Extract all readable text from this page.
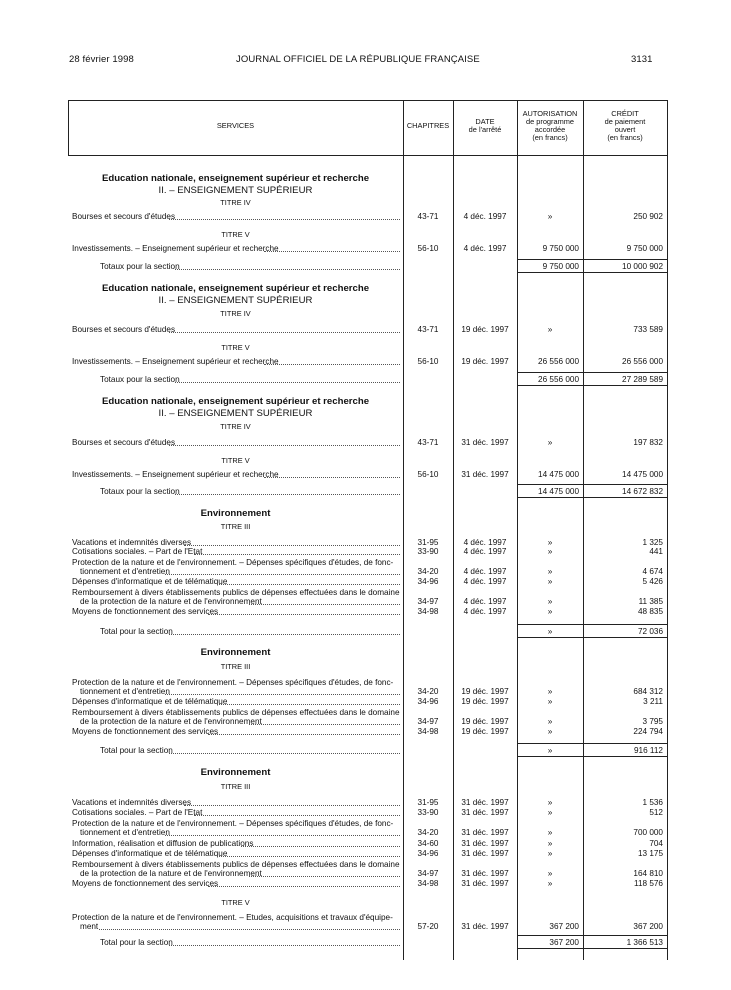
28 février 1998	JOURNAL OFFICIEL DE LA RÉPUBLIQUE FRANÇAISE	3131
SERVICES	CHAPITRES	DATE
de l'arrêté
AUTORISATION
de programme
accordée
(en francs)
CRÉDIT
de paiement
ouvert
(en francs)
Education nationale, enseignement supérieur et recherche
II. – ENSEIGNEMENT SUPÉRIEUR
TITRE IV
Bourses et secours d'études	43-71	4 déc. 1997	»	250 902
TITRE V
Investissements. – Enseignement supérieur et recherche	56-10	4 déc. 1997	9 750 000	9 750 000
Totaux pour la section	9 750 000	10 000 902
Education nationale, enseignement supérieur et recherche
II. – ENSEIGNEMENT SUPÉRIEUR
TITRE IV
Bourses et secours d'études	43-71	19 déc. 1997	»	733 589
TITRE V
Investissements. – Enseignement supérieur et recherche	56-10	19 déc. 1997	26 556 000	26 556 000
Totaux pour la section	26 556 000	27 289 589
Education nationale, enseignement supérieur et recherche
II. – ENSEIGNEMENT SUPÉRIEUR
TITRE IV
Bourses et secours d'études	43-71	31 déc. 1997	»	197 832
TITRE V
Investissements. – Enseignement supérieur et recherche	56-10	31 déc. 1997	14 475 000	14 475 000
Totaux pour la section	14 475 000	14 672 832
Environnement
TITRE III
Vacations et indemnités diverses	31-95	4 déc. 1997	»	1 325
Cotisations sociales. – Part de l'Etat	33-90	4 déc. 1997	»	441
Protection de la nature et de l'environnement. – Dépenses spécifiques d'études, de fonc-
tionnement et d'entretien	34-20	4 déc. 1997	»	4 674
Dépenses d'informatique et de télématique	34-96	4 déc. 1997	»	5 426
Remboursement à divers établissements publics de dépenses effectuées dans le domaine
de la protection de la nature et de l'environnement	34-97	4 déc. 1997	»	11 385
Moyens de fonctionnement des services	34-98	4 déc. 1997	»	48 835
Total pour la section	»	72 036
Environnement
TITRE III
Protection de la nature et de l'environnement. – Dépenses spécifiques d'études, de fonc-
tionnement et d'entretien	34-20	19 déc. 1997	»	684 312
Dépenses d'informatique et de télématique	34-96	19 déc. 1997	»	3 211
Remboursement à divers établissements publics de dépenses effectuées dans le domaine
de la protection de la nature et de l'environnement	34-97	19 déc. 1997	»	3 795
Moyens de fonctionnement des services	34-98	19 déc. 1997	»	224 794
Total pour la section	»	916 112
Environnement
TITRE III
Vacations et indemnités diverses	31-95	31 déc. 1997	»	1 536
Cotisations sociales. – Part de l'Etat	33-90	31 déc. 1997	»	512
Protection de la nature et de l'environnement. – Dépenses spécifiques d'études, de fonc-
tionnement et d'entretien	34-20	31 déc. 1997	»	700 000
Information, réalisation et diffusion de publications	34-60	31 déc. 1997	»	704
Dépenses d'informatique et de télématique	34-96	31 déc. 1997	»	13 175
Remboursement à divers établissements publics de dépenses effectuées dans le domaine
de la protection de la nature et de l'environnement	34-97	31 déc. 1997	»	164 810
Moyens de fonctionnement des services	34-98	31 déc. 1997	»	118 576
TITRE V
Protection de la nature et de l'environnement. – Etudes, acquisitions et travaux d'équipe-
ment	57-20	31 déc. 1997	367 200	367 200
Total pour la section	367 200	1 366 513
